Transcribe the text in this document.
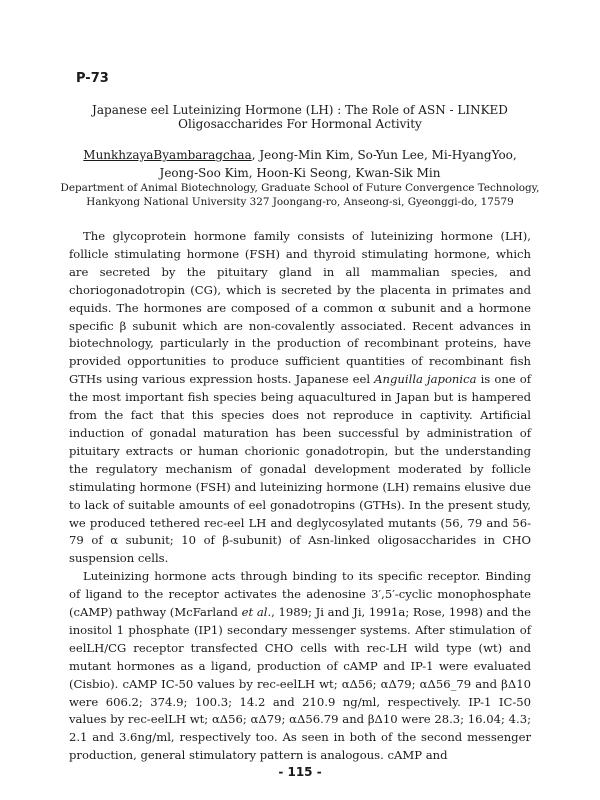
P-73
Japanese eel Luteinizing Hormone (LH) : The Role of ASN - LINKED
Oligosaccharides For Hormonal Activity
MunkhzayaByambaragchaa, Jeong-Min Kim, So-Yun Lee, Mi-HyangYoo,
Jeong-Soo Kim, Hoon-Ki Seong, Kwan-Sik Min
Department of Animal Biotechnology, Graduate School of Future Convergence Technology,
Hankyong National University 327 Joongang-ro, Anseong-si, Gyeonggi-do, 17579

The glycoprotein hormone family consists of luteinizing hormone (LH), follicle stimulating hormone (FSH) and thyroid stimulating hormone, which are secreted by the pituitary gland in all mammalian species, and choriogonadotropin (CG), which is secreted by the placenta in primates and equids. The hormones are composed of a common α subunit and a hormone specific β subunit which are non-covalently associated. Recent advances in biotechnology, particularly in the production of recombinant proteins, have provided opportunities to produce sufficient quantities of recombinant fish GTHs using various expression hosts. Japanese eel Anguilla japonica is one of the most important fish species being aquacultured in Japan but is hampered from the fact that this species does not reproduce in captivity. Artificial induction of gonadal maturation has been successful by administration of pituitary extracts or human chorionic gonadotropin, but the understanding the regulatory mechanism of gonadal development moderated by follicle stimulating hormone (FSH) and luteinizing hormone (LH) remains elusive due to lack of suitable amounts of eel gonadotropins (GTHs). In the present study, we produced tethered rec-eel LH and deglycosylated mutants (56, 79 and 56-79 of α subunit; 10 of β-subunit) of Asn-linked oligosaccharides in CHO suspension cells.

Luteinizing hormone acts through binding to its specific receptor. Binding of ligand to the receptor activates the adenosine 3′,5′-cyclic monophosphate (cAMP) pathway (McFarland et al., 1989; Ji and Ji, 1991a; Rose, 1998) and the inositol 1 phosphate (IP1) secondary messenger systems. After stimulation of eelLH/CG receptor transfected CHO cells with rec-LH wild type (wt) and mutant hormones as a ligand, production of cAMP and IP-1 were evaluated (Cisbio). cAMP IC-50 values by rec-eelLH wt; αΔ56; αΔ79; αΔ56_79 and βΔ10 were 606.2; 374.9; 100.3; 14.2 and 210.9 ng/ml, respectively. IP-1 IC-50 values by rec-eelLH wt; αΔ56; αΔ79; αΔ56.79 and βΔ10 were 28.3; 16.04; 4.3; 2.1 and 3.6ng/ml, respectively too. As seen in both of the second messenger production, general stimulatory pattern is analogous. cAMP and

- 115 -
